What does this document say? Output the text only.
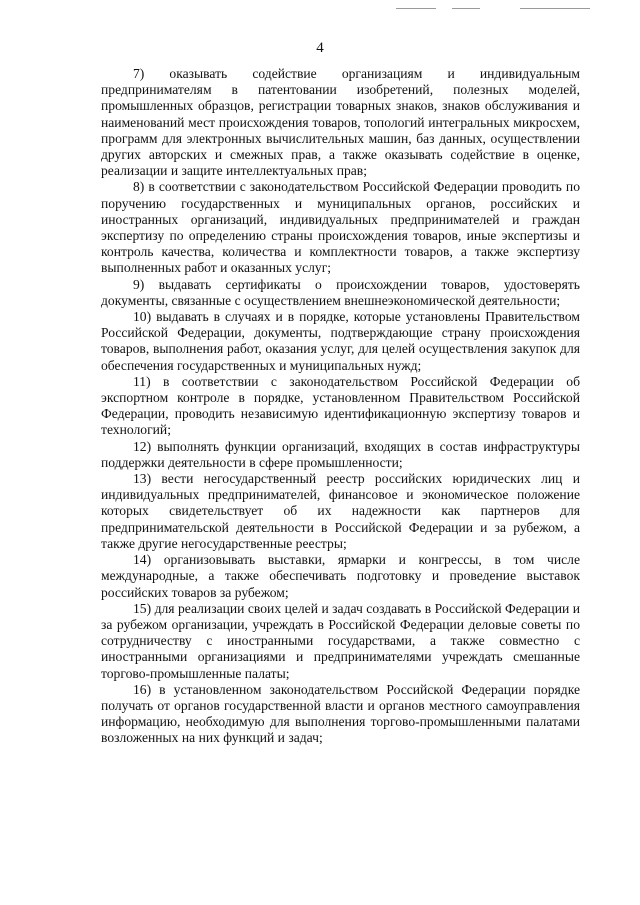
4

7) оказывать содействие организациям и индивидуальным предпринимателям в патентовании изобретений, полезных моделей, промышленных образцов, регистрации товарных знаков, знаков обслуживания и наименований мест происхождения товаров, топологий интегральных микросхем, программ для электронных вычислительных машин, баз данных, осуществлении других авторских и смежных прав, а также оказывать содействие в оценке, реализации и защите интеллектуальных прав;

8) в соответствии с законодательством Российской Федерации проводить по поручению государственных и муниципальных органов, российских и иностранных организаций, индивидуальных предпринимателей и граждан экспертизу по определению страны происхождения товаров, иные экспертизы и контроль качества, количества и комплектности товаров, а также экспертизу выполненных работ и оказанных услуг;

9) выдавать сертификаты о происхождении товаров, удостоверять документы, связанные с осуществлением внешнеэкономической деятельности;

10) выдавать в случаях и в порядке, которые установлены Правительством Российской Федерации, документы, подтверждающие страну происхождения товаров, выполнения работ, оказания услуг, для целей осуществления закупок для обеспечения государственных и муниципальных нужд;

11) в соответствии с законодательством Российской Федерации об экспортном контроле в порядке, установленном Правительством Российской Федерации, проводить независимую идентификационную экспертизу товаров и технологий;

12) выполнять функции организаций, входящих в состав инфраструктуры поддержки деятельности в сфере промышленности;

13) вести негосударственный реестр российских юридических лиц и индивидуальных предпринимателей, финансовое и экономическое положение которых свидетельствует об их надежности как партнеров для предпринимательской деятельности в Российской Федерации и за рубежом, а также другие негосударственные реестры;

14) организовывать выставки, ярмарки и конгрессы, в том числе международные, а также обеспечивать подготовку и проведение выставок российских товаров за рубежом;

15) для реализации своих целей и задач создавать в Российской Федерации и за рубежом организации, учреждать в Российской Федерации деловые советы по сотрудничеству с иностранными государствами, а также совместно с иностранными организациями и предпринимателями учреждать смешанные торгово-промышленные палаты;

16) в установленном законодательством Российской Федерации порядке получать от органов государственной власти и органов местного самоуправления информацию, необходимую для выполнения торгово-промышленными палатами возложенных на них функций и задач;
